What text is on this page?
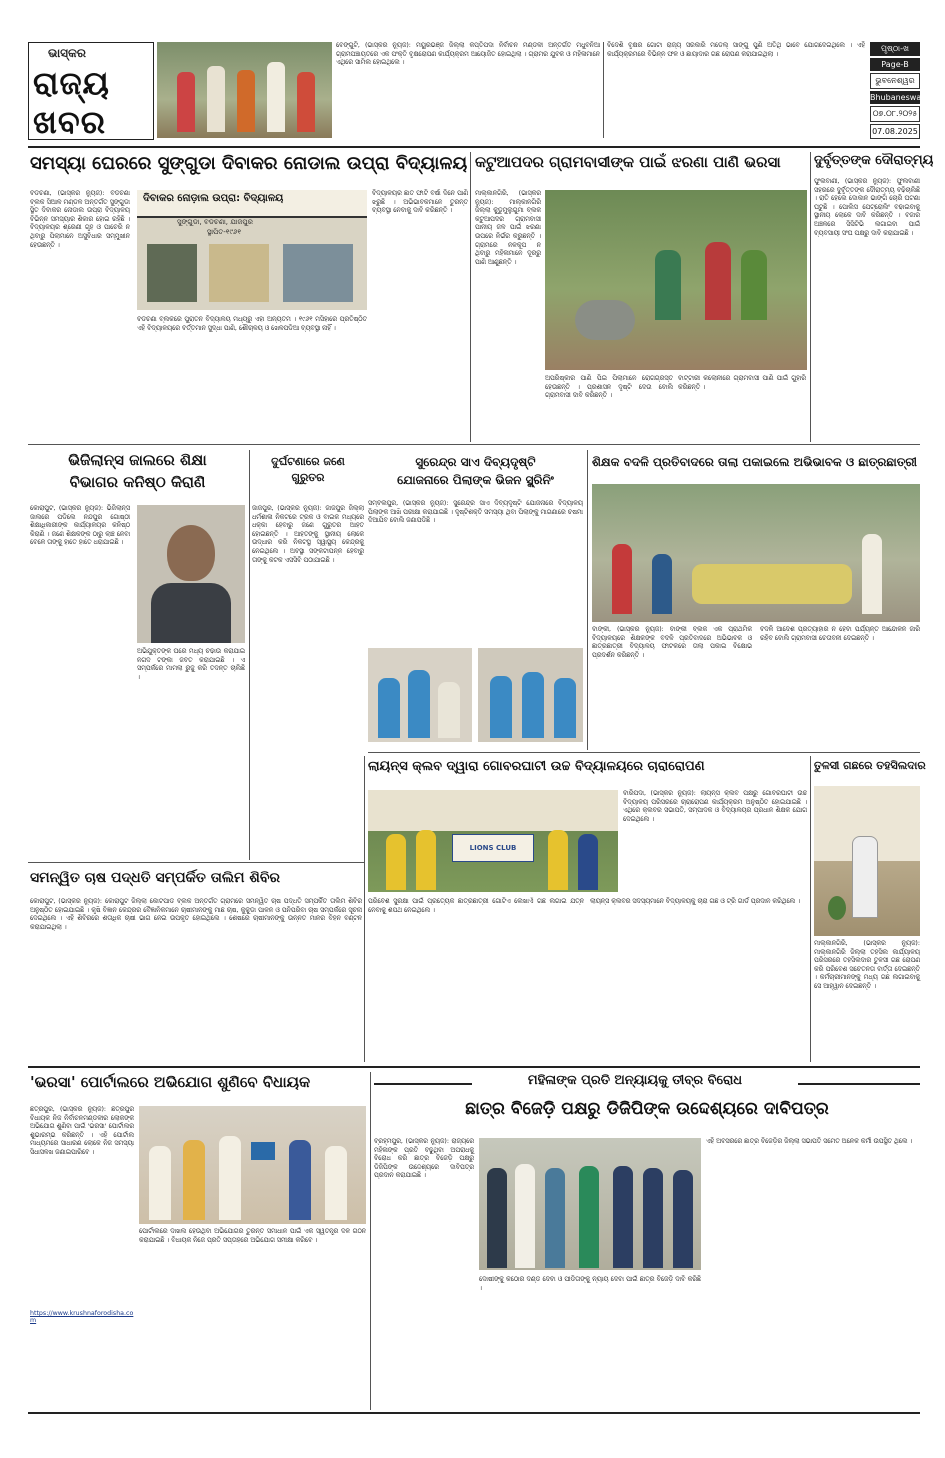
ଭାସ୍କର
ରାଜ୍ୟ
ଖବର
ବେଙ୍ଗୁଟି, (ଭାସ୍କର ନ୍ୟୁଜ): ମୟୁରଭଞ୍ଜ ଜିଲ୍ଲା କପ୍ତିପଦା ନିର୍ବାଚନ ମଣ୍ଡଳୀ ଅନ୍ତର୍ଗତ ମଧୁବନିଆ ଗ୍ରାମପଞ୍ଚାୟତରେ ଏକ ପଂକ୍ତି ବୃକ୍ଷରୋପଣ କାର୍ଯ୍ୟକ୍ରମ ଆୟୋଜିତ ହୋଇଥିଲା । ଗ୍ରାମର ଯୁବକ ଓ ମହିଳାମାନେ ଏଥିରେ ସାମିଲ ହୋଇଥିଲେ ।
ବିଦେଶି ବୃକ୍ଷର ଗୋଟା ରାଜ୍ୟ ସରକାରି ମଡେଲ୍ ସାଙ୍ଗୁ ପୁଣି ଅତିଥି ଭାବେ ଯୋଗଦେଇଥିଲେ । ଏହି କାର୍ଯ୍ୟକ୍ରମରେ ବିଭିନ୍ନ ଫଳ ଓ ଛାୟାଦାର ଗଛ ରୋପଣ କରାଯାଇଥିଲା ।
ପୃଷ୍ଠା-ଖ
Page-B
ଭୁବନେଶ୍ୱର
Bhubaneswar
୦୭.୦୮.୨୦୨୫
07.08.2025
ସମସ୍ୟା ଘେରରେ ସୁଙ୍ଗୁଡା ଦିବାକର ନୋଡାଲ ଉପ୍ରା ବିଦ୍ୟାଳୟ
ବଡଚଣା, (ଭାସ୍କର ନ୍ୟୁଜ): ବଡଚଣା ବ୍ଲକ ସିଆଳ ମଣ୍ଡଳ ଅନ୍ତର୍ଗତ ସୁଙ୍ଗୁଡା ସ୍ଥିତ ଦିବାକର ନୋଡାଲ ଉପ୍ରା ବିଦ୍ୟାଳୟ ବିଭିନ୍ନ ସମସ୍ୟାର ଶିକାର ହୋଇ ରହିଛି । ବିଦ୍ୟାଳୟର ଶ୍ରେଣୀ ଗୃହ ଓ ପାଚେରି ନ ଥିବାରୁ ପିଲାମାନେ ଅସୁବିଧାର ସମ୍ମୁଖୀନ ହେଉଛନ୍ତି ।
ଦିବାକର ନୋଡ଼ାଲ ଉପ୍ରା: ବିଦ୍ୟାଳୟ
ସୁଙ୍ଗୁଡା, ବଡଚଣା, ଯାଜପୁର
ସ୍ଥାପିତ-୧୯୬୧
ବଡଚଣା ବ୍ଲକରେ ପୁରାତନ ବିଦ୍ୟାଳୟ ମଧ୍ୟରୁ ଏହା ଅନ୍ୟତମ । ୧୯୬୧ ମସିହାରେ ପ୍ରତିଷ୍ଠିତ ଏହି ବିଦ୍ୟାଳୟରେ ବର୍ତ୍ତମାନ ସୁଦ୍ଧା ପାଣି, ଶୌଚାଳୟ ଓ ଖେଳପଡିଆ ବ୍ୟବସ୍ଥା ନାହିଁ ।
ବିଦ୍ୟାଳୟର ଛାତ ଫାଟି ବର୍ଷା ଦିନେ ପାଣି ଝରୁଛି । ଅଭିଭାବକମାନେ ତୁରନ୍ତ ବ୍ୟବସ୍ଥା ନେବାକୁ ଦାବି କରିଛନ୍ତି ।
କଟୁଆପଦର ଗ୍ରାମବାସୀଙ୍କ ପାଇଁ ଝରଣା ପାଣି ଭରସା
ମାଲ୍କାନଗିରି, (ଭାସ୍କର ନ୍ୟୁଜ): ମାଲ୍କାନଗିରି ଜିଲ୍ଲା କୁଡୁମୁଲୁଗୁମା ବ୍ଲକ କଟୁଆପଦର ଗ୍ରାମବାସୀ ପାନୀୟ ଜଳ ପାଇଁ ଝରଣା ଉପରେ ନିର୍ଭର କରୁଛନ୍ତି । ଗ୍ରାମରେ ନଳକୂପ ନ ଥିବାରୁ ମହିଳାମାନେ ଦୂରରୁ ପାଣି ଆଣୁଛନ୍ତି ।
ଅପରିଷ୍କାର ପାଣି ପିଇ ପିଲାମାନେ ରୋଗଗ୍ରସ୍ତ ହେଉଛନ୍ତି । ପ୍ରଶାସନ ଦୃଷ୍ଟି ଦେଉ ବୋଲି ଗ୍ରାମବାସୀ ଦାବି କରିଛନ୍ତି ।
ବାଟ୍ଟାରୀ କଲୋନୀରେ ଗ୍ରାମବାସୀ ପାଣି ପାଇଁ ଗୁହାରି କରିଛନ୍ତି ।
ଦୁର୍ବୃତ୍ତଙ୍କ ଦୌରାତ୍ମ୍ୟ
ଫୁଲବାଣୀ, (ଭାସ୍କର ନ୍ୟୁଜ): ଫୁଲବାଣୀ ସହରରେ ଦୁର୍ବୃତ୍ତଙ୍କ ଦୌରାତ୍ମ୍ୟ ବଢିଚାଲିଛି । ରାତି ହେଲେ ଦୋକାନ ଭାଙ୍ଗି ଚୋରି ଘଟଣା ଘଟୁଛି । ପୋଲିସ ପେଟ୍ରୋଲିଂ ବଢାଇବାକୁ ସ୍ଥାନୀୟ ଲୋକେ ଦାବି କରିଛନ୍ତି । ବଜାର ଅଞ୍ଚଳରେ ସିସିଟିଭି ଲଗାଇବା ପାଇଁ ବ୍ୟବସାୟୀ ସଂଘ ପକ୍ଷରୁ ଦାବି କରାଯାଇଛି ।
ଭିଜିଲାନ୍ସ ଜାଲରେ ଶିକ୍ଷା
ବିଭାଗର କନିଷ୍ଠ କିରାଣି
କୋରାପୁଟ, (ଭାସ୍କର ନ୍ୟୁଜ): ଭିଜିଲାନ୍ସ ଜାଲରେ ପଡିଲେ ନନ୍ଦପୁର ଗୋଷ୍ଠୀ ଶିକ୍ଷାଧିକାରୀଙ୍କ କାର୍ଯ୍ୟାଳୟର କନିଷ୍ଠ କିରାଣି । ଜଣେ ଶିକ୍ଷକଙ୍କ ଠାରୁ ଲାଞ୍ଚ ନେବା ବେଳେ ତାଙ୍କୁ ହାତେ ହାତେ ଧରାଯାଇଛି ।
ଅଭିଯୁକ୍ତଙ୍କ ଘରେ ମଧ୍ୟ ଚଢାଉ କରାଯାଇ ନଗଦ ଟଙ୍କା ଜବତ କରାଯାଇଛି । ଏ ସମ୍ପର୍କରେ ମାମଲା ରୁଜୁ କରି ତଦନ୍ତ ଚାଲିଛି ।
ଦୁର୍ଘଟଣାରେ ଜଣେ
ଗୁରୁତର
ଜାଜପୁର, (ଭାସ୍କର ନ୍ୟୁଜ): ଜାଜପୁର ଜିଲ୍ଲା ଧର୍ମଶାଳା ନିକଟରେ ଟ୍ରକ ଓ ବାଇକ ମଧ୍ୟରେ ଧକ୍କା ହେବାରୁ ଜଣେ ଗୁରୁତର ଆହତ ହୋଇଛନ୍ତି । ଆହତଙ୍କୁ ସ୍ଥାନୀୟ ଲୋକେ ଉଦ୍ଧାର କରି ନିକଟସ୍ଥ ସ୍ୱାସ୍ଥ୍ୟ କେନ୍ଦ୍ରକୁ ନେଇଥିଲେ । ଅବସ୍ଥା ସଙ୍କଟାପନ୍ନ ହେବାରୁ ତାଙ୍କୁ କଟକ ଏସସିବି ପଠାଯାଇଛି ।
ସୁରେନ୍ଦ୍ର ସାଏ ଦିବ୍ୟଦୃଷ୍ଟି
ଯୋଜନାରେ ପିଲାଙ୍କ ଭିଜନ ସ୍କ୍ରିନିଂ
ସମ୍ବଲପୁର, (ଭାସ୍କର ନ୍ୟୁଜ): ସୁରେନ୍ଦ୍ର ସାଏ ଦିବ୍ୟଦୃଷ୍ଟି ଯୋଜନାରେ ବିଦ୍ୟାଳୟ ପିଲାଙ୍କ ଆଖି ପରୀକ୍ଷା କରାଯାଇଛି । ଦୃଷ୍ଟିଶକ୍ତି ସମସ୍ୟା ଥିବା ପିଲାଙ୍କୁ ମାଗଣାରେ ଚଷମା ଦିଆଯିବ ବୋଲି ଜଣାପଡିଛି ।
ଶିକ୍ଷକ ବଦଳି ପ୍ରତିବାଦରେ ତାଲା ପକାଇଲେ ଅଭିଭାବକ ଓ ଛାତ୍ରଛାତ୍ରୀ
ବାଙ୍କୀ, (ଭାସ୍କର ନ୍ୟୁଜ): ବାଙ୍କୀ ବ୍ଲକ ଏକ ପ୍ରାଥମିକ ବିଦ୍ୟାଳୟରେ ଶିକ୍ଷକଙ୍କ ବଦଳି ପ୍ରତିବାଦରେ ଅଭିଭାବକ ଓ ଛାତ୍ରଛାତ୍ରୀ ବିଦ୍ୟାଳୟ ଫାଟକରେ ତାଲା ପକାଇ ବିକ୍ଷୋଭ ପ୍ରଦର୍ଶନ କରିଛନ୍ତି ।
ବଦଳି ଆଦେଶ ପ୍ରତ୍ୟାହାର ନ ହେବା ପର୍ଯ୍ୟନ୍ତ ଆନ୍ଦୋଳନ ଜାରି ରହିବ ବୋଲି ଗ୍ରାମବାସୀ ଚେତାବନୀ ଦେଇଛନ୍ତି ।
ଲାୟନ୍ସ କ୍ଲବ ଦ୍ୱାରା ଗୋବରଘାଟୀ ଉଚ୍ଚ ବିଦ୍ୟାଳୟରେ ଚାରାରୋପଣ
LIONS CLUB
ବାରିପଦା, (ଭାସ୍କର ନ୍ୟୁଜ): ଲାୟନ୍ସ କ୍ଲବ ପକ୍ଷରୁ ଗୋବରଘାଟୀ ଉଚ୍ଚ ବିଦ୍ୟାଳୟ ପରିସରରେ ଚାରାରୋପଣ କାର୍ଯ୍ୟକ୍ରମ ଅନୁଷ୍ଠିତ ହୋଇଯାଇଛି । ଏଥିରେ କ୍ଲବର ସଭାପତି, ସମ୍ପାଦକ ଓ ବିଦ୍ୟାଳୟର ପ୍ରଧାନ ଶିକ୍ଷକ ଯୋଗ ଦେଇଥିଲେ ।
ପରିବେଶ ସୁରକ୍ଷା ପାଇଁ ପ୍ରତ୍ୟେକ ଛାତ୍ରଛାତ୍ରୀ ଗୋଟିଏ ଲେଖାଏଁ ଗଛ ଲଗାଇ ଯତ୍ନ ନେବାକୁ ଶପଥ ନେଇଥିଲେ ।
ଲାୟନ୍ସ କ୍ଲବର ସଦସ୍ୟମାନେ ବିଦ୍ୟାଳୟକୁ ଚାରା ଗଛ ଓ ଟ୍ରି ଗାର୍ଡ ପ୍ରଦାନ କରିଥିଲେ ।
ତୁଳସୀ ଗଛରେ ତହସିଲଦାର
ମାଲ୍କାନଗିରି, (ଭାସ୍କର ନ୍ୟୁଜ): ମାଲ୍କାନଗିରି ଜିଲ୍ଲା ତହସିଲ କାର୍ଯ୍ୟାଳୟ ପରିସରରେ ତହସିଲଦାର ତୁଳସୀ ଗଛ ରୋପଣ କରି ପରିବେଶ ସଚେତନତା ବାର୍ତ୍ତା ଦେଇଛନ୍ତି । କର୍ମଚାରୀମାନଙ୍କୁ ମଧ୍ୟ ଗଛ ଲଗାଇବାକୁ ସେ ଆହ୍ୱାନ ଦେଇଛନ୍ତି ।
ସମନ୍ୱିତ ଚାଷ ପଦ୍ଧତି ସମ୍ପର୍କିତ ତାଲିମ ଶିବିର
କୋରାପୁଟ, (ଭାସ୍କର ନ୍ୟୁଜ): କୋରାପୁଟ ଜିଲ୍ଲା କୋଟପାଡ ବ୍ଲକ ଅନ୍ତର୍ଗତ ଗ୍ରାମରେ ସମନ୍ୱିତ ଚାଷ ପଦ୍ଧତି ସମ୍ପର୍କିତ ତାଲିମ ଶିବିର ଅନୁଷ୍ଠିତ ହୋଇଯାଇଛି । କୃଷି ବିଜ୍ଞାନ କେନ୍ଦ୍ରର ବୈଜ୍ଞାନିକମାନେ ଚାଷୀମାନଙ୍କୁ ମାଛ ଚାଷ, କୁକୁଡା ପାଳନ ଓ ପନିପରିବା ଚାଷ ସମ୍ପର୍କରେ ସୂଚନା ଦେଇଥିଲେ । ଏହି ଶିବିରରେ ଶତାଧିକ ଚାଷୀ ଭାଗ ନେଇ ଉପକୃତ ହୋଇଥିଲେ । ଶେଷରେ ଚାଷୀମାନଙ୍କୁ ଉନ୍ନତ ମାନର ବିହନ ବଣ୍ଟନ କରାଯାଇଥିଲା ।
'ଭରସା' ପୋର୍ଟାଲରେ ଅଭିଯୋଗ ଶୁଣିବେ ବିଧାୟକ
ଛତ୍ରପୁର, (ଭାସ୍କର ନ୍ୟୁଜ): ଛତ୍ରପୁର ବିଧାୟକ ନିଜ ନିର୍ବାଚନମଣ୍ଡଳୀର ଲୋକଙ୍କ ଅଭିଯୋଗ ଶୁଣିବା ପାଇଁ 'ଭରସା' ପୋର୍ଟାଲର ଶୁଭାରମ୍ଭ କରିଛନ୍ତି । ଏହି ପୋର୍ଟାଲ ମାଧ୍ୟମରେ ସାଧାରଣ ଲୋକେ ନିଜ ସମସ୍ୟା ସିଧାସଳଖ ଜଣାଇପାରିବେ ।
https://www.krushnaforodisha.com
ପୋର୍ଟାଲରେ ଦାଖଲ ହେଉଥିବା ଅଭିଯୋଗର ତୁରନ୍ତ ସମାଧାନ ପାଇଁ ଏକ ସ୍ୱତନ୍ତ୍ର ଦଳ ଗଠନ କରାଯାଇଛି । ବିଧାୟକ ନିଜେ ପ୍ରତି ସପ୍ତାହରେ ଅଭିଯୋଗ ସମୀକ୍ଷା କରିବେ ।
ମହିଳାଙ୍କ ପ୍ରତି ଅନ୍ୟାୟକୁ ତୀବ୍ର ବିରୋଧ
ଛାତ୍ର ବିଜେଡ଼ି ପକ୍ଷରୁ ଡିଜିପିଙ୍କ ଉଦ୍ଦେଶ୍ୟରେ ଦାବିପତ୍ର
ବ୍ରହ୍ମପୁର, (ଭାସ୍କର ନ୍ୟୁଜ): ରାଜ୍ୟରେ ମହିଳାଙ୍କ ପ୍ରତି ବଢୁଥିବା ଅପରାଧକୁ ବିରୋଧ କରି ଛାତ୍ର ବିଜେଡ଼ି ପକ୍ଷରୁ ଡିଜିପିଙ୍କ ଉଦ୍ଦେଶ୍ୟରେ ଦାବିପତ୍ର ପ୍ରଦାନ କରାଯାଇଛି ।
ଦୋଷୀଙ୍କୁ କଠୋର ଦଣ୍ଡ ଦେବା ଓ ପୀଡିତାଙ୍କୁ ନ୍ୟାୟ ଦେବା ପାଇଁ ଛାତ୍ର ବିଜେଡ଼ି ଦାବି କରିଛି ।
ଏହି ଅବସରରେ ଛାତ୍ର ବିଜେଡ଼ିର ଜିଲ୍ଲା ସଭାପତି ସମେତ ଅନେକ କର୍ମୀ ଉପସ୍ଥିତ ଥିଲେ ।
